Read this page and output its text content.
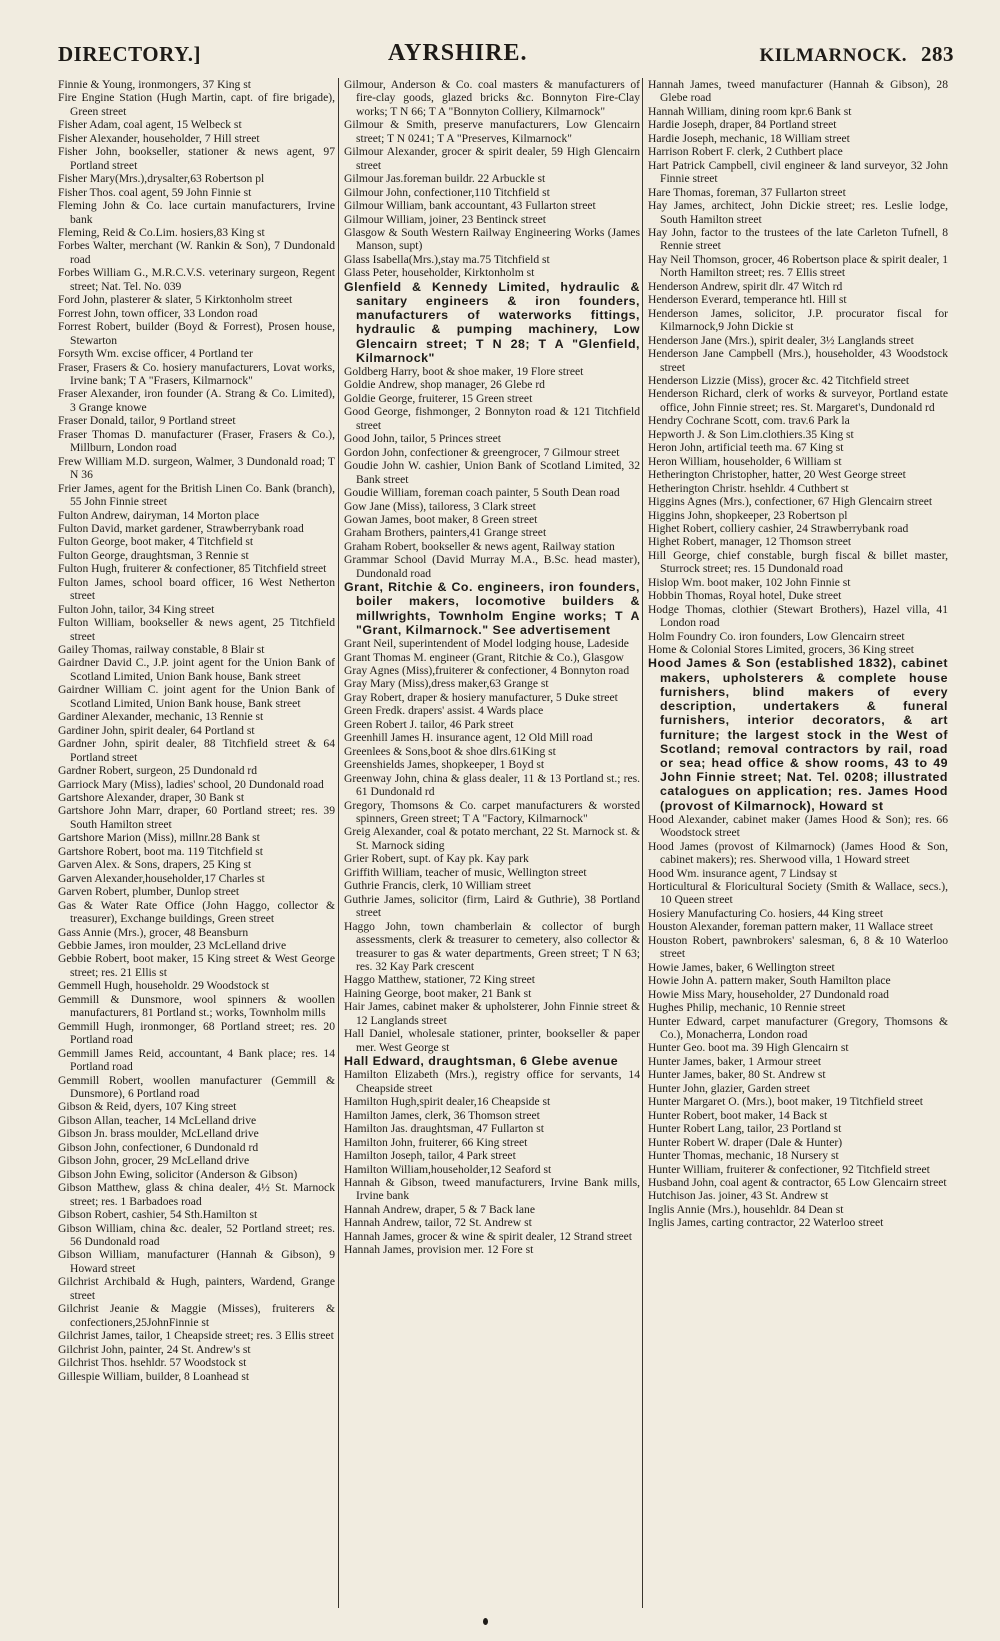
DIRECTORY.]	AYRSHIRE.	KILMARNOCK. 283

Finnie & Young, ironmongers, 37 King st

Fire Engine Station (Hugh Martin, capt. of fire brigade), Green street

Fisher Adam, coal agent, 15 Welbeck st

Fisher Alexander, householder, 7 Hill street

Fisher John, bookseller, stationer & news agent, 97 Portland street

Fisher Mary(Mrs.),drysalter,63 Robertson pl

Fisher Thos. coal agent, 59 John Finnie st

Fleming John & Co. lace curtain manufacturers, Irvine bank

Fleming, Reid & Co.Lim. hosiers,83 King st

Forbes Walter, merchant (W. Rankin & Son), 7 Dundonald road

Forbes William G., M.R.C.V.S. veterinary surgeon, Regent street; Nat. Tel. No. 039

Ford John, plasterer & slater, 5 Kirktonholm street

Forrest John, town officer, 33 London road

Forrest Robert, builder (Boyd & Forrest), Prosen house, Stewarton

Forsyth Wm. excise officer, 4 Portland ter

Fraser, Frasers & Co. hosiery manufacturers, Lovat works, Irvine bank; T A "Frasers, Kilmarnock"

Fraser Alexander, iron founder (A. Strang & Co. Limited), 3 Grange knowe

Fraser Donald, tailor, 9 Portland street

Fraser Thomas D. manufacturer (Fraser, Frasers & Co.), Millburn, London road

Frew William M.D. surgeon, Walmer, 3 Dundonald road; T N 36

Frier James, agent for the British Linen Co. Bank (branch), 55 John Finnie street

Fulton Andrew, dairyman, 14 Morton place

Fulton David, market gardener, Strawberrybank road

Fulton George, boot maker, 4 Titchfield st

Fulton George, draughtsman, 3 Rennie st

Fulton Hugh, fruiterer & confectioner, 85 Titchfield street

Fulton James, school board officer, 16 West Netherton street

Fulton John, tailor, 34 King street

Fulton William, bookseller & news agent, 25 Titchfield street

Gailey Thomas, railway constable, 8 Blair st

Gairdner David C., J.P. joint agent for the Union Bank of Scotland Limited, Union Bank house, Bank street

Gairdner William C. joint agent for the Union Bank of Scotland Limited, Union Bank house, Bank street

Gardiner Alexander, mechanic, 13 Rennie st

Gardiner John, spirit dealer, 64 Portland st

Gardner John, spirit dealer, 88 Titchfield street & 64 Portland street

Gardner Robert, surgeon, 25 Dundonald rd

Garriock Mary (Miss), ladies' school, 20 Dundonald road

Gartshore Alexander, draper, 30 Bank st

Gartshore John Marr, draper, 60 Portland street; res. 39 South Hamilton street

Gartshore Marion (Miss), millnr.28 Bank st

Gartshore Robert, boot ma. 119 Titchfield st

Garven Alex. & Sons, drapers, 25 King st

Garven Alexander,householder,17 Charles st

Garven Robert, plumber, Dunlop street

Gas & Water Rate Office (John Haggo, collector & treasurer), Exchange buildings, Green street

Gass Annie (Mrs.), grocer, 48 Beansburn

Gebbie James, iron moulder, 23 McLelland drive

Gebbie Robert, boot maker, 15 King street & West George street; res. 21 Ellis st

Gemmell Hugh, householdr. 29 Woodstock st

Gemmill & Dunsmore, wool spinners & woollen manufacturers, 81 Portland st.; works, Townholm mills

Gemmill Hugh, ironmonger, 68 Portland street; res. 20 Portland road

Gemmill James Reid, accountant, 4 Bank place; res. 14 Portland road

Gemmill Robert, woollen manufacturer (Gemmill & Dunsmore), 6 Portland road

Gibson & Reid, dyers, 107 King street

Gibson Allan, teacher, 14 McLelland drive

Gibson Jn. brass moulder, McLelland drive

Gibson John, confectioner, 6 Dundonald rd

Gibson John, grocer, 29 McLelland drive

Gibson John Ewing, solicitor (Anderson & Gibson)

Gibson Matthew, glass & china dealer, 4½ St. Marnock street; res. 1 Barbadoes road

Gibson Robert, cashier, 54 Sth.Hamilton st

Gibson William, china &c. dealer, 52 Portland street; res. 56 Dundonald road

Gibson William, manufacturer (Hannah & Gibson), 9 Howard street

Gilchrist Archibald & Hugh, painters, Wardend, Grange street

Gilchrist Jeanie & Maggie (Misses), fruiterers & confectioners,25JohnFinnie st

Gilchrist James, tailor, 1 Cheapside street; res. 3 Ellis street

Gilchrist John, painter, 24 St. Andrew's st

Gilchrist Thos. hsehldr. 57 Woodstock st

Gillespie William, builder, 8 Loanhead st

Gilmour, Anderson & Co. coal masters & manufacturers of fire-clay goods, glazed bricks &c. Bonnyton Fire-Clay works; T N 66; T A "Bonnyton Colliery, Kilmarnock"

Gilmour & Smith, preserve manufacturers, Low Glencairn street; T N 0241; T A "Preserves, Kilmarnock"

Gilmour Alexander, grocer & spirit dealer, 59 High Glencairn street

Gilmour Jas.foreman buildr. 22 Arbuckle st

Gilmour John, confectioner,110 Titchfield st

Gilmour William, bank accountant, 43 Fullarton street

Gilmour William, joiner, 23 Bentinck street

Glasgow & South Western Railway Engineering Works (James Manson, supt)

Glass Isabella(Mrs.),stay ma.75 Titchfield st

Glass Peter, householder, Kirktonholm st

Glenfield & Kennedy Limited, hydraulic & sanitary engineers & iron founders, manufacturers of waterworks fittings, hydraulic & pumping machinery, Low Glencairn street; T N 28; T A "Glenfield, Kilmarnock"

Goldberg Harry, boot & shoe maker, 19 Flore street

Goldie Andrew, shop manager, 26 Glebe rd

Goldie George, fruiterer, 15 Green street

Good George, fishmonger, 2 Bonnyton road & 121 Titchfield street

Good John, tailor, 5 Princes street

Gordon John, confectioner & greengrocer, 7 Gilmour street

Goudie John W. cashier, Union Bank of Scotland Limited, 32 Bank street

Goudie William, foreman coach painter, 5 South Dean road

Gow Jane (Miss), tailoress, 3 Clark street

Gowan James, boot maker, 8 Green street

Graham Brothers, painters,41 Grange street

Graham Robert, bookseller & news agent, Railway station

Grammar School (David Murray M.A., B.Sc. head master), Dundonald road

Grant, Ritchie & Co. engineers, iron founders, boiler makers, locomotive builders & millwrights, Townholm Engine works; T A "Grant, Kilmarnock." See advertisement

Grant Neil, superintendent of Model lodging house, Ladeside

Grant Thomas M. engineer (Grant, Ritchie & Co.), Glasgow

Gray Agnes (Miss),fruiterer & confectioner, 4 Bonnyton road

Gray Mary (Miss),dress maker,63 Grange st

Gray Robert, draper & hosiery manufacturer, 5 Duke street

Green Fredk. drapers' assist. 4 Wards place

Green Robert J. tailor, 46 Park street

Greenhill James H. insurance agent, 12 Old Mill road

Greenlees & Sons,boot & shoe dlrs.61King st

Greenshields James, shopkeeper, 1 Boyd st

Greenway John, china & glass dealer, 11 & 13 Portland st.; res. 61 Dundonald rd

Gregory, Thomsons & Co. carpet manufacturers & worsted spinners, Green street; T A "Factory, Kilmarnock"

Greig Alexander, coal & potato merchant, 22 St. Marnock st. & St. Marnock siding

Grier Robert, supt. of Kay pk. Kay park

Griffith William, teacher of music, Wellington street

Guthrie Francis, clerk, 10 William street

Guthrie James, solicitor (firm, Laird & Guthrie), 38 Portland street

Haggo John, town chamberlain & collector of burgh assessments, clerk & treasurer to cemetery, also collector & treasurer to gas & water departments, Green street; T N 63; res. 32 Kay Park crescent

Haggo Matthew, stationer, 72 King street

Haining George, boot maker, 21 Bank st

Hair James, cabinet maker & upholsterer, John Finnie street & 12 Langlands street

Hall Daniel, wholesale stationer, printer, bookseller & paper mer. West George st

Hall Edward, draughtsman, 6 Glebe avenue

Hamilton Elizabeth (Mrs.), registry office for servants, 14 Cheapside street

Hamilton Hugh,spirit dealer,16 Cheapside st

Hamilton James, clerk, 36 Thomson street

Hamilton Jas. draughtsman, 47 Fullarton st

Hamilton John, fruiterer, 66 King street

Hamilton Joseph, tailor, 4 Park street

Hamilton William,householder,12 Seaford st

Hannah & Gibson, tweed manufacturers, Irvine Bank mills, Irvine bank

Hannah Andrew, draper, 5 & 7 Back lane

Hannah Andrew, tailor, 72 St. Andrew st

Hannah James, grocer & wine & spirit dealer, 12 Strand street

Hannah James, provision mer. 12 Fore st

Hannah James, tweed manufacturer (Hannah & Gibson), 28 Glebe road

Hannah William, dining room kpr.6 Bank st

Hardie Joseph, draper, 84 Portland street

Hardie Joseph, mechanic, 18 William street

Harrison Robert F. clerk, 2 Cuthbert place

Hart Patrick Campbell, civil engineer & land surveyor, 32 John Finnie street

Hare Thomas, foreman, 37 Fullarton street

Hay James, architect, John Dickie street; res. Leslie lodge, South Hamilton street

Hay John, factor to the trustees of the late Carleton Tufnell, 8 Rennie street

Hay Neil Thomson, grocer, 46 Robertson place & spirit dealer, 1 North Hamilton street; res. 7 Ellis street

Henderson Andrew, spirit dlr. 47 Witch rd

Henderson Everard, temperance htl. Hill st

Henderson James, solicitor, J.P. procurator fiscal for Kilmarnock,9 John Dickie st

Henderson Jane (Mrs.), spirit dealer, 3½ Langlands street

Henderson Jane Campbell (Mrs.), householder, 43 Woodstock street

Henderson Lizzie (Miss), grocer &c. 42 Titchfield street

Henderson Richard, clerk of works & surveyor, Portland estate office, John Finnie street; res. St. Margaret's, Dundonald rd

Hendry Cochrane Scott, com. trav.6 Park la

Hepworth J. & Son Lim.clothiers.35 King st

Heron John, artificial teeth ma. 67 King st

Heron William, householder, 6 William st

Hetherington Christopher, hatter, 20 West George street

Hetherington Christr. hsehldr. 4 Cuthbert st

Higgins Agnes (Mrs.), confectioner, 67 High Glencairn street

Higgins John, shopkeeper, 23 Robertson pl

Highet Robert, colliery cashier, 24 Strawberrybank road

Highet Robert, manager, 12 Thomson street

Hill George, chief constable, burgh fiscal & billet master, Sturrock street; res. 15 Dundonald road

Hislop Wm. boot maker, 102 John Finnie st

Hobbin Thomas, Royal hotel, Duke street

Hodge Thomas, clothier (Stewart Brothers), Hazel villa, 41 London road

Holm Foundry Co. iron founders, Low Glencairn street

Home & Colonial Stores Limited, grocers, 36 King street

Hood James & Son (established 1832), cabinet makers, upholsterers & complete house furnishers, blind makers of every description, undertakers & funeral furnishers, interior decorators, & art furniture; the largest stock in the West of Scotland; removal contractors by rail, road or sea; head office & show rooms, 43 to 49 John Finnie street; Nat. Tel. 0208; illustrated catalogues on application; res. James Hood (provost of Kilmarnock), Howard st

Hood Alexander, cabinet maker (James Hood & Son); res. 66 Woodstock street

Hood James (provost of Kilmarnock) (James Hood & Son, cabinet makers); res. Sherwood villa, 1 Howard street

Hood Wm. insurance agent, 7 Lindsay st

Horticultural & Floricultural Society (Smith & Wallace, secs.), 10 Queen street

Hosiery Manufacturing Co. hosiers, 44 King street

Houston Alexander, foreman pattern maker, 11 Wallace street

Houston Robert, pawnbrokers' salesman, 6, 8 & 10 Waterloo street

Howie James, baker, 6 Wellington street

Howie John A. pattern maker, South Hamilton place

Howie Miss Mary, householder, 27 Dundonald road

Hughes Philip, mechanic, 10 Rennie street

Hunter Edward, carpet manufacturer (Gregory, Thomsons & Co.), Monacherra, London road

Hunter Geo. boot ma. 39 High Glencairn st

Hunter James, baker, 1 Armour street

Hunter James, baker, 80 St. Andrew st

Hunter John, glazier, Garden street

Hunter Margaret O. (Mrs.), boot maker, 19 Titchfield street

Hunter Robert, boot maker, 14 Back st

Hunter Robert Lang, tailor, 23 Portland st

Hunter Robert W. draper (Dale & Hunter)

Hunter Thomas, mechanic, 18 Nursery st

Hunter William, fruiterer & confectioner, 92 Titchfield street

Husband John, coal agent & contractor, 65 Low Glencairn street

Hutchison Jas. joiner, 43 St. Andrew st

Inglis Annie (Mrs.), househldr. 84 Dean st

Inglis James, carting contractor, 22 Waterloo street
